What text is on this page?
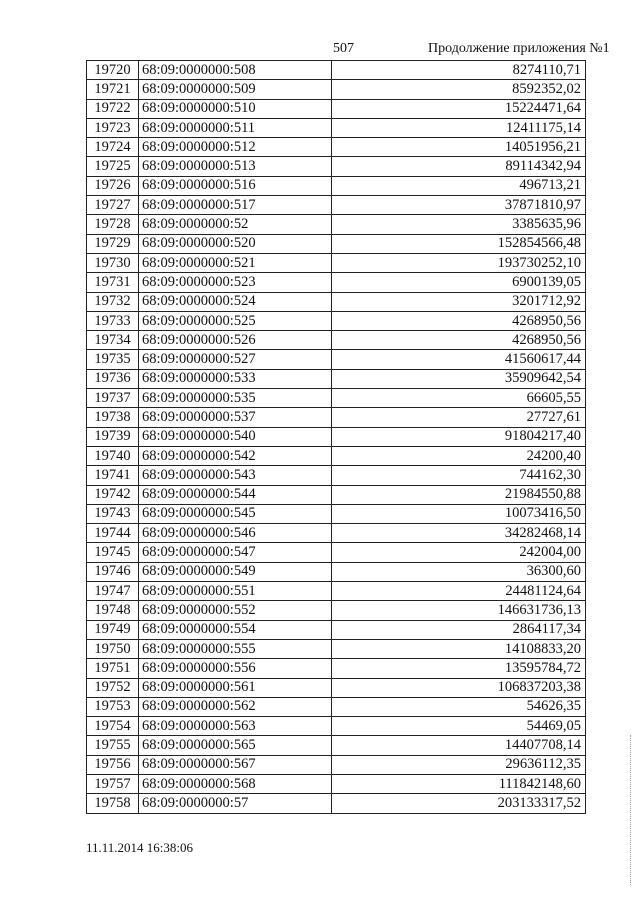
507	Продолжение приложения №1
19720	68:09:0000000:508	8274110,71
19721	68:09:0000000:509	8592352,02
19722	68:09:0000000:510	15224471,64
19723	68:09:0000000:511	12411175,14
19724	68:09:0000000:512	14051956,21
19725	68:09:0000000:513	89114342,94
19726	68:09:0000000:516	496713,21
19727	68:09:0000000:517	37871810,97
19728	68:09:0000000:52	3385635,96
19729	68:09:0000000:520	152854566,48
19730	68:09:0000000:521	193730252,10
19731	68:09:0000000:523	6900139,05
19732	68:09:0000000:524	3201712,92
19733	68:09:0000000:525	4268950,56
19734	68:09:0000000:526	4268950,56
19735	68:09:0000000:527	41560617,44
19736	68:09:0000000:533	35909642,54
19737	68:09:0000000:535	66605,55
19738	68:09:0000000:537	27727,61
19739	68:09:0000000:540	91804217,40
19740	68:09:0000000:542	24200,40
19741	68:09:0000000:543	744162,30
19742	68:09:0000000:544	21984550,88
19743	68:09:0000000:545	10073416,50
19744	68:09:0000000:546	34282468,14
19745	68:09:0000000:547	242004,00
19746	68:09:0000000:549	36300,60
19747	68:09:0000000:551	24481124,64
19748	68:09:0000000:552	146631736,13
19749	68:09:0000000:554	2864117,34
19750	68:09:0000000:555	14108833,20
19751	68:09:0000000:556	13595784,72
19752	68:09:0000000:561	106837203,38
19753	68:09:0000000:562	54626,35
19754	68:09:0000000:563	54469,05
19755	68:09:0000000:565	14407708,14
19756	68:09:0000000:567	29636112,35
19757	68:09:0000000:568	111842148,60
19758	68:09:0000000:57	203133317,52
11.11.2014 16:38:06
